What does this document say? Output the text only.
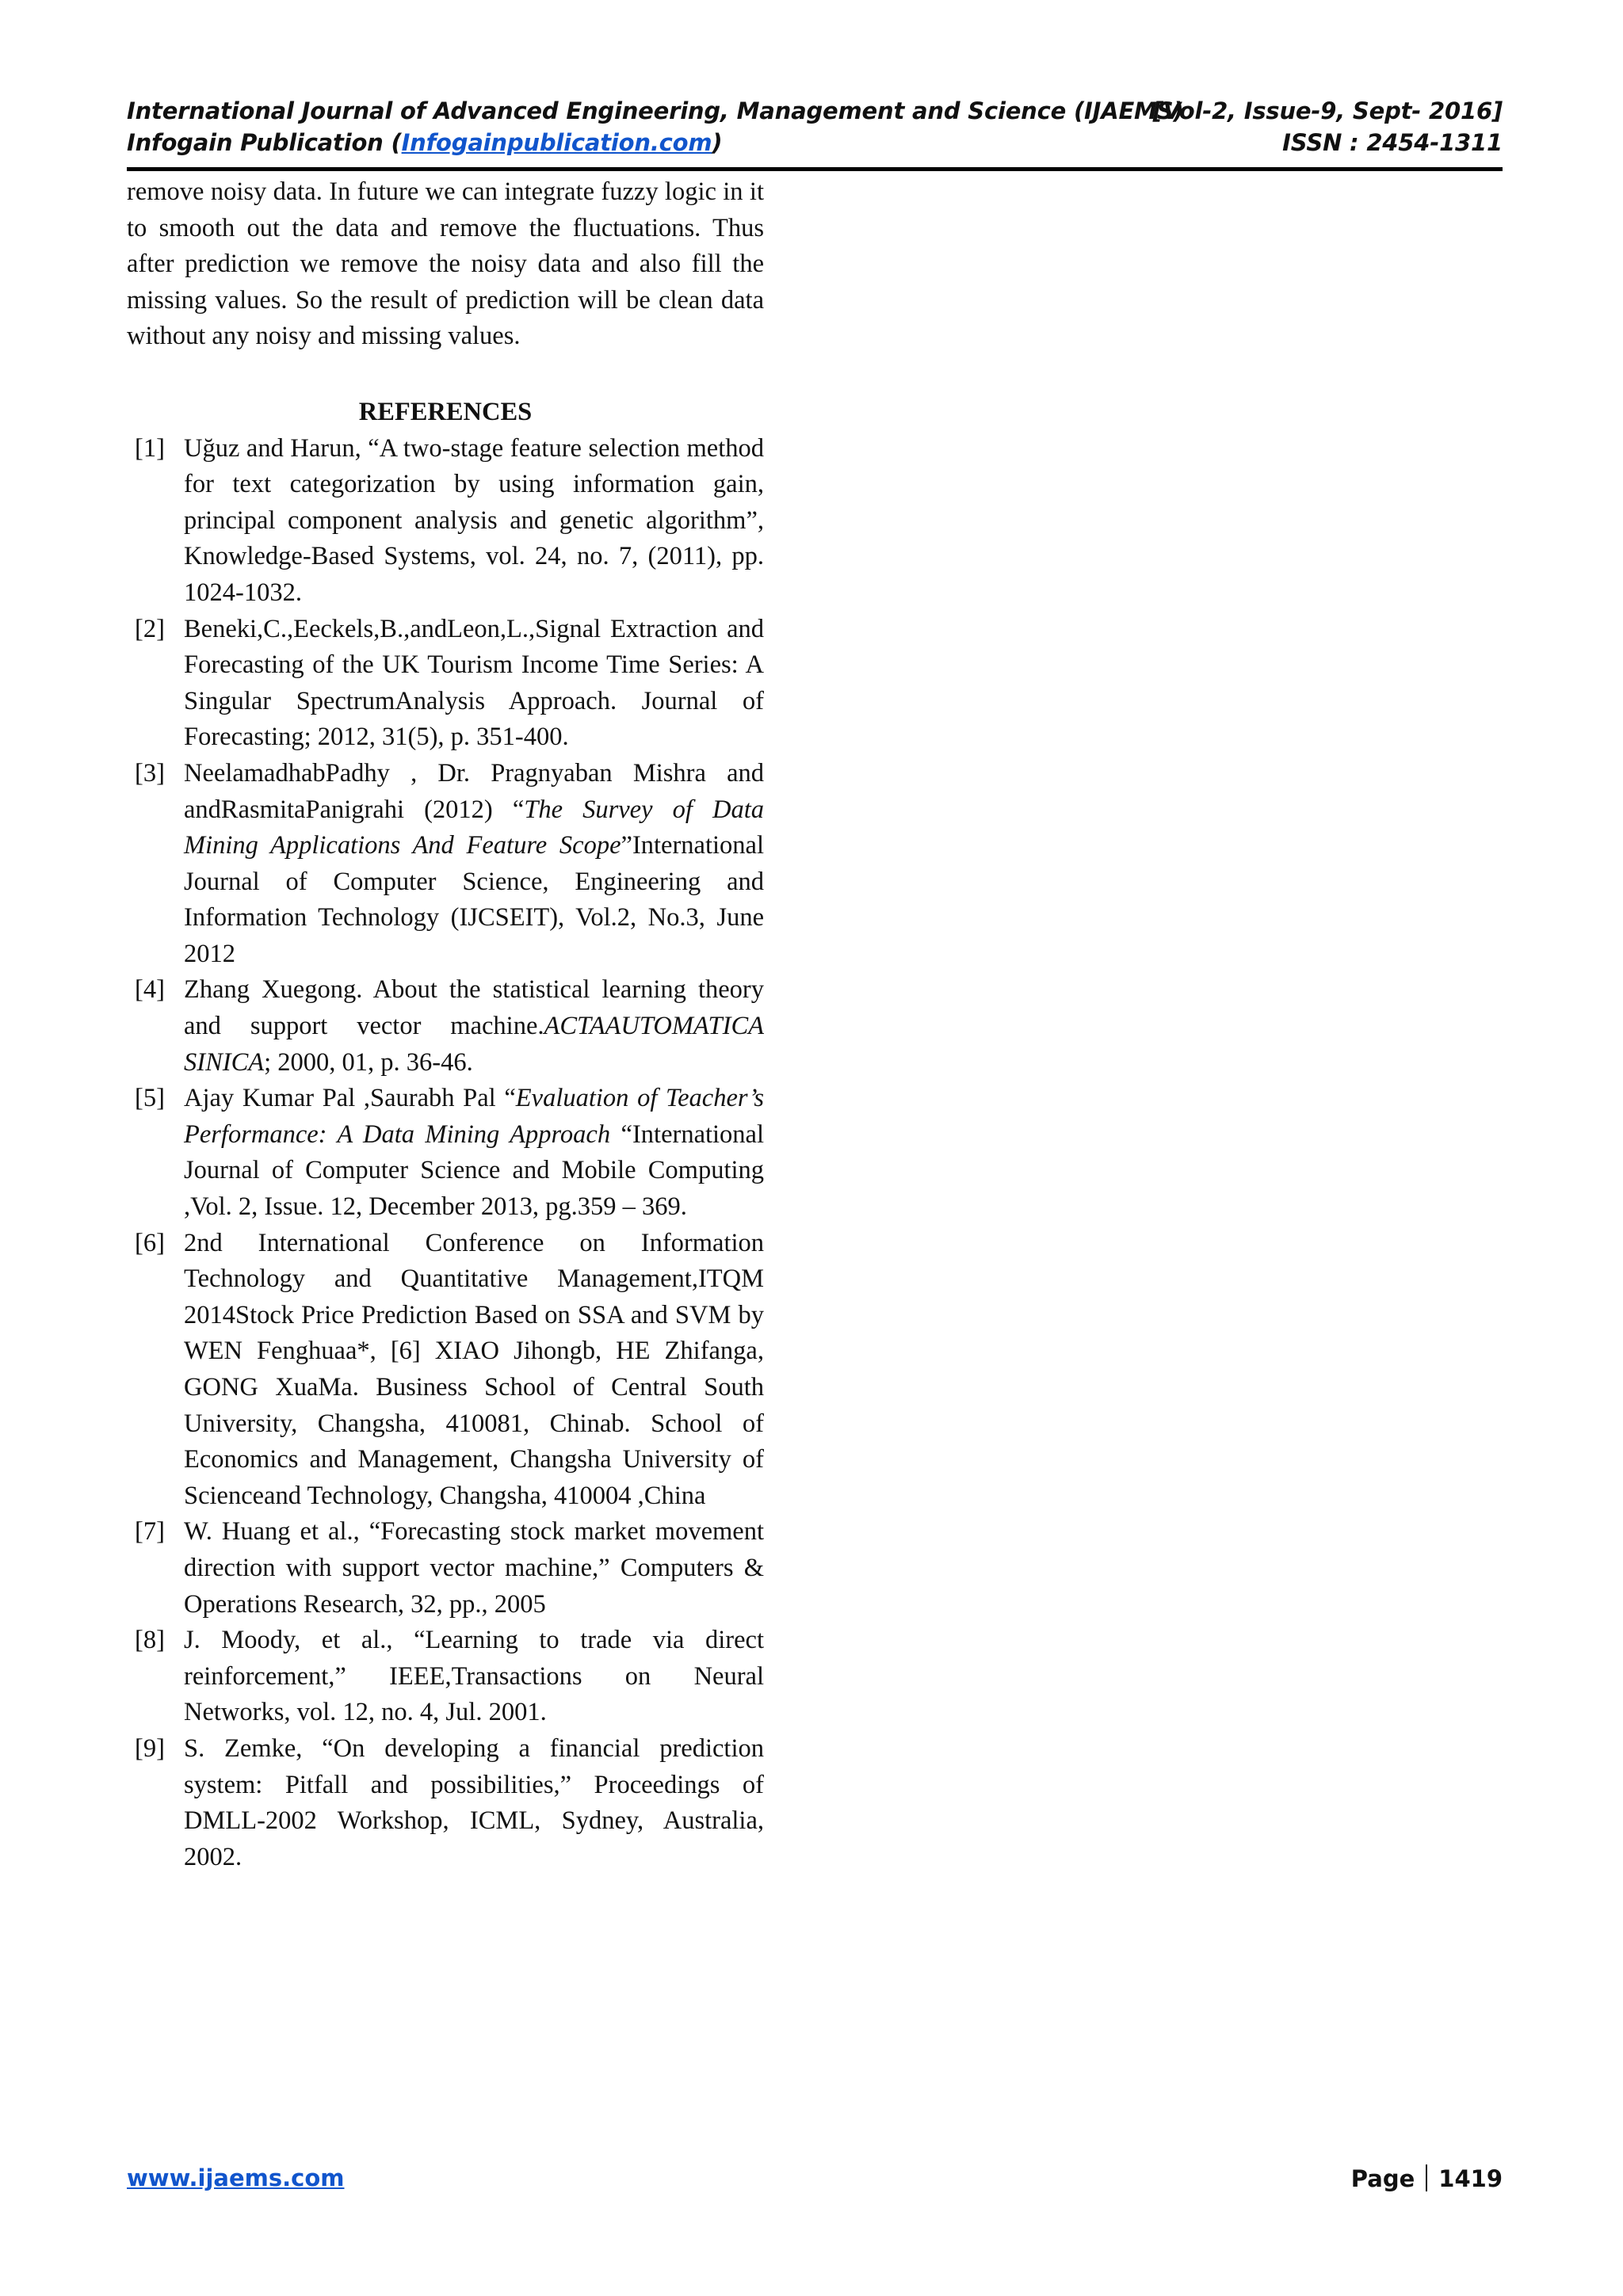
International Journal of Advanced Engineering, Management and Science (IJAEMS)
[Vol-2, Issue-9, Sept- 2016]
Infogain Publication (Infogainpublication.com)	ISSN : 2454-1311

remove noisy data. In future we can integrate fuzzy logic in it to smooth out the data and remove the fluctuations. Thus after prediction we remove the noisy data and also fill the missing values. So the result of prediction will be clean data without any noisy and missing values.

REFERENCES
[1] Uğuz and Harun, “A two-stage feature selection method for text categorization by using information gain, principal component analysis and genetic algorithm”, Knowledge-Based Systems, vol. 24, no. 7, (2011), pp. 1024-1032.
[2] Beneki,C.,Eeckels,B.,andLeon,L.,Signal Extraction and Forecasting of the UK Tourism Income Time Series: A Singular SpectrumAnalysis Approach. Journal of Forecasting; 2012, 31(5), p. 351-400.
[3] NeelamadhabPadhy , Dr. Pragnyaban Mishra and andRasmitaPanigrahi (2012) “The Survey of Data Mining Applications And Feature Scope”International Journal of Computer Science, Engineering and Information Technology (IJCSEIT), Vol.2, No.3, June 2012
[4] Zhang Xuegong. About the statistical learning theory and support vector machine.ACTAAUTOMATICA SINICA; 2000, 01, p. 36-46.
[5] Ajay Kumar Pal ,Saurabh Pal “Evaluation of Teacher’s Performance: A Data Mining Approach “International Journal of Computer Science and Mobile Computing ,Vol. 2, Issue. 12, December 2013, pg.359 – 369.
[6] 2nd International Conference on Information Technology and Quantitative Management,ITQM 2014Stock Price Prediction Based on SSA and SVM by WEN Fenghuaa*, [6] XIAO Jihongb, HE Zhifanga, GONG XuaMa. Business School of Central South University, Changsha, 410081, Chinab. School of Economics and Management, Changsha University of Scienceand Technology, Changsha, 410004 ,China
[7] W. Huang et al., “Forecasting stock market movement direction with support vector machine,” Computers & Operations Research, 32, pp., 2005
[8] J. Moody, et al., “Learning to trade via direct reinforcement,” IEEE,Transactions on Neural Networks, vol. 12, no. 4, Jul. 2001.
[9] S. Zemke, “On developing a financial prediction system: Pitfall and possibilities,” Proceedings of DMLL-2002 Workshop, ICML, Sydney, Australia, 2002.
www.ijaems.com	Page 1419
